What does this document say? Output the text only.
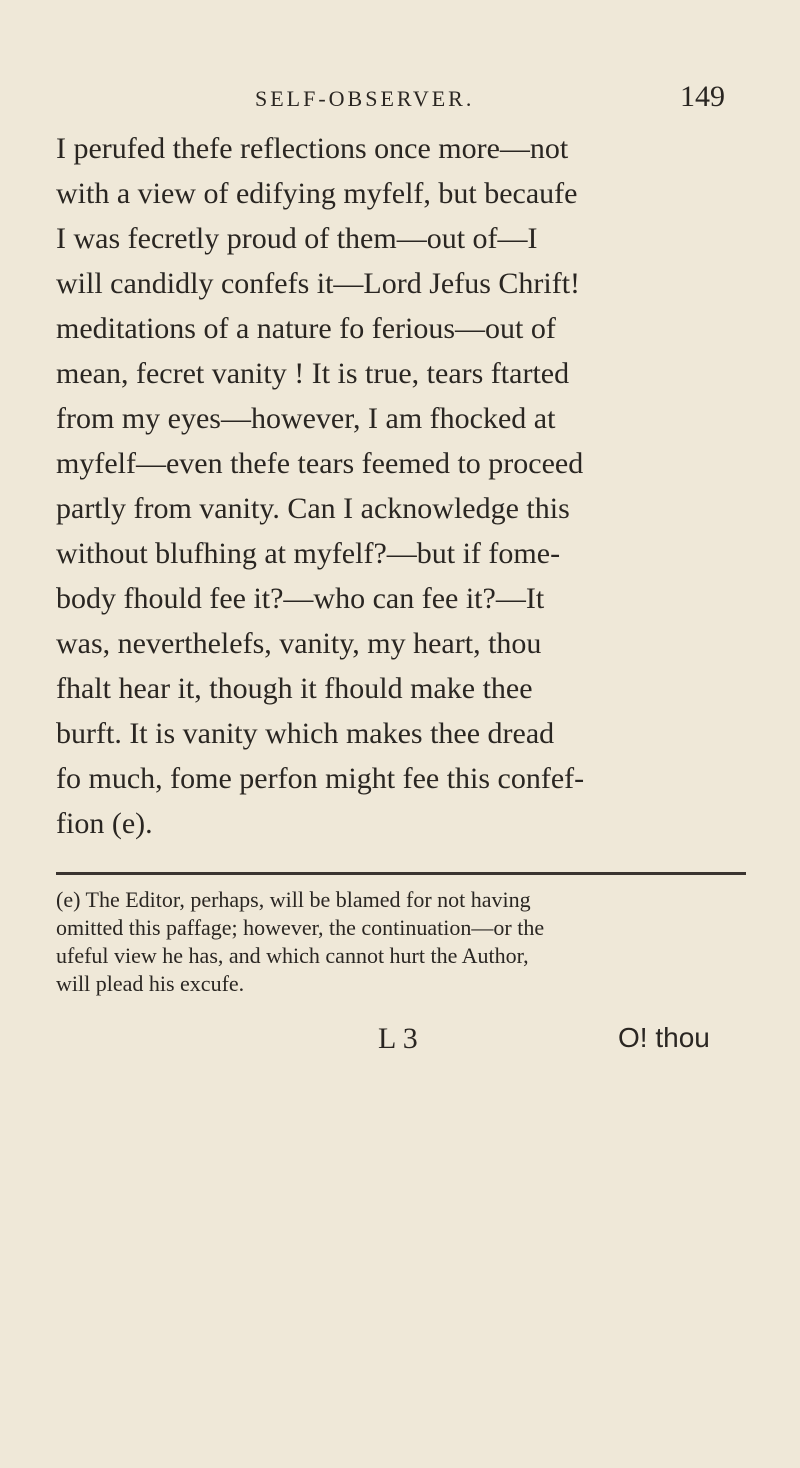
SELF-OBSERVER.	149
I perufed thefe reflections once more—not
with a view of edifying myfelf, but becaufe
I was fecretly proud of them—out of—I
will candidly confefs it—Lord Jefus Chrift!
meditations of a nature fo ferious—out of
mean, fecret vanity ! It is true, tears ftarted
from my eyes—however, I am fhocked at
myfelf—even thefe tears feemed to proceed
partly from vanity. Can I acknowledge this
without blufhing at myfelf?—but if fome-
body fhould fee it?—who can fee it?—It
was, neverthelefs, vanity, my heart, thou
fhalt hear it, though it fhould make thee
burft. It is vanity which makes thee dread
fo much, fome perfon might fee this confef-
fion (e).
(e) The Editor, perhaps, will be blamed for not having
omitted this paffage; however, the continuation—or the
ufeful view he has, and which cannot hurt the Author,
will plead his excufe.
L 3	O! thou
